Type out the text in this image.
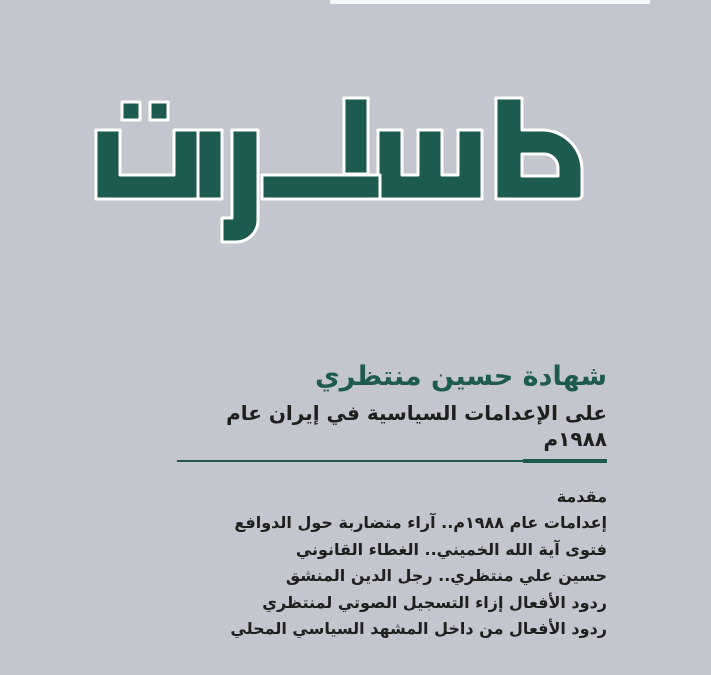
شهادة حسين منتظري
على الإعدامات السياسية في إيران عام ١٩٨٨م
مقدمة
إعدامات عام ١٩٨٨م.. آراء متضاربة حول الدوافع
فتوى آية الله الخميني.. الغطاء القانوني
حسين علي منتظري.. رجل الدين المنشق
ردود الأفعال إزاء التسجيل الصوتي لمنتظري
ردود الأفعال من داخل المشهد السياسي المحلي
